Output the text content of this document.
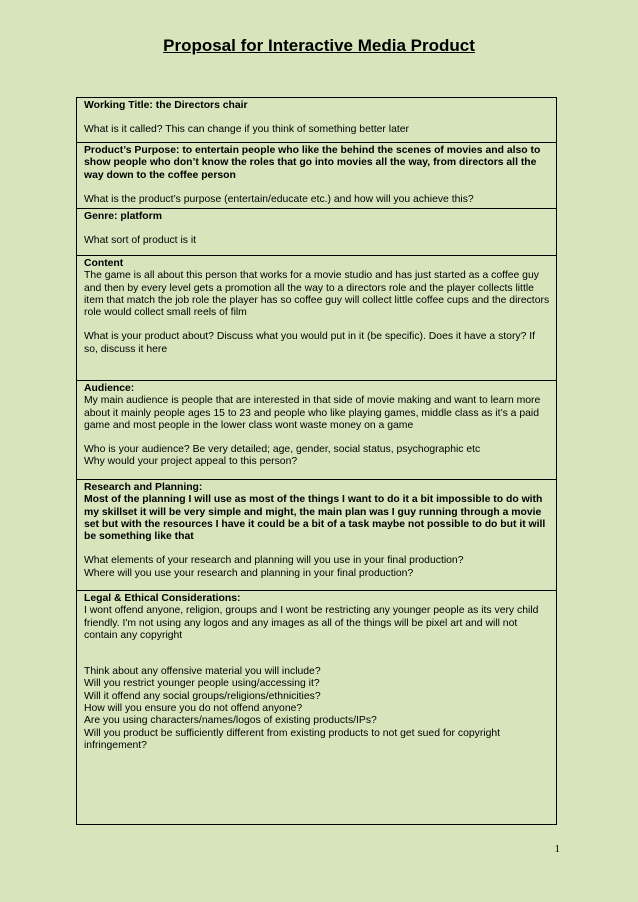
Proposal for Interactive Media Product

Working Title: the Directors chair

What is it called? This can change if you think of something better later

Product’s Purpose: to entertain people who like the behind the scenes of movies and also to show people who don’t know the roles that go into movies all the way, from directors all the way down to the coffee person

What is the product’s purpose (entertain/educate etc.) and how will you achieve this?

Genre: platform

What sort of product is it

Content

The game is all about this person that works for a movie studio and has just started as a coffee guy and then by every level gets a promotion all the way to a directors role and the player collects little item that match the job role the player has so coffee guy will collect little coffee cups and the directors role would collect small reels of film

What is your product about? Discuss what you would put in it (be specific). Does it have a story? If so, discuss it here

Audience:

My main audience is people that are interested in that side of movie making and want to learn more about it mainly people ages 15 to 23 and people who like playing games, middle class as it’s a paid game and most people in the lower class wont waste money on a game

Who is your audience? Be very detailed; age, gender, social status, psychographic etc

Why would your project appeal to this person?

Research and Planning:

Most of the planning I will use as most of the things I want to do it a bit impossible to do with my skillset it will be very simple and might, the main plan was I guy running through a movie set but with the resources I have it could be a bit of a task maybe not possible to do but it will be something like that

What elements of your research and planning will you use in your final production?

Where will you use your research and planning in your final production?

Legal & Ethical Considerations:

I wont offend anyone, religion, groups and I wont be restricting any younger people as its very child friendly. I'm not using any logos and any images as all of the things will be pixel art and will not contain any copyright

Think about any offensive material you will include?

Will you restrict younger people using/accessing it?

Will it offend any social groups/religions/ethnicities?

How will you ensure you do not offend anyone?

Are you using characters/names/logos of existing products/IPs?

Will you product be sufficiently different from existing products to not get sued for copyright infringement?

1
